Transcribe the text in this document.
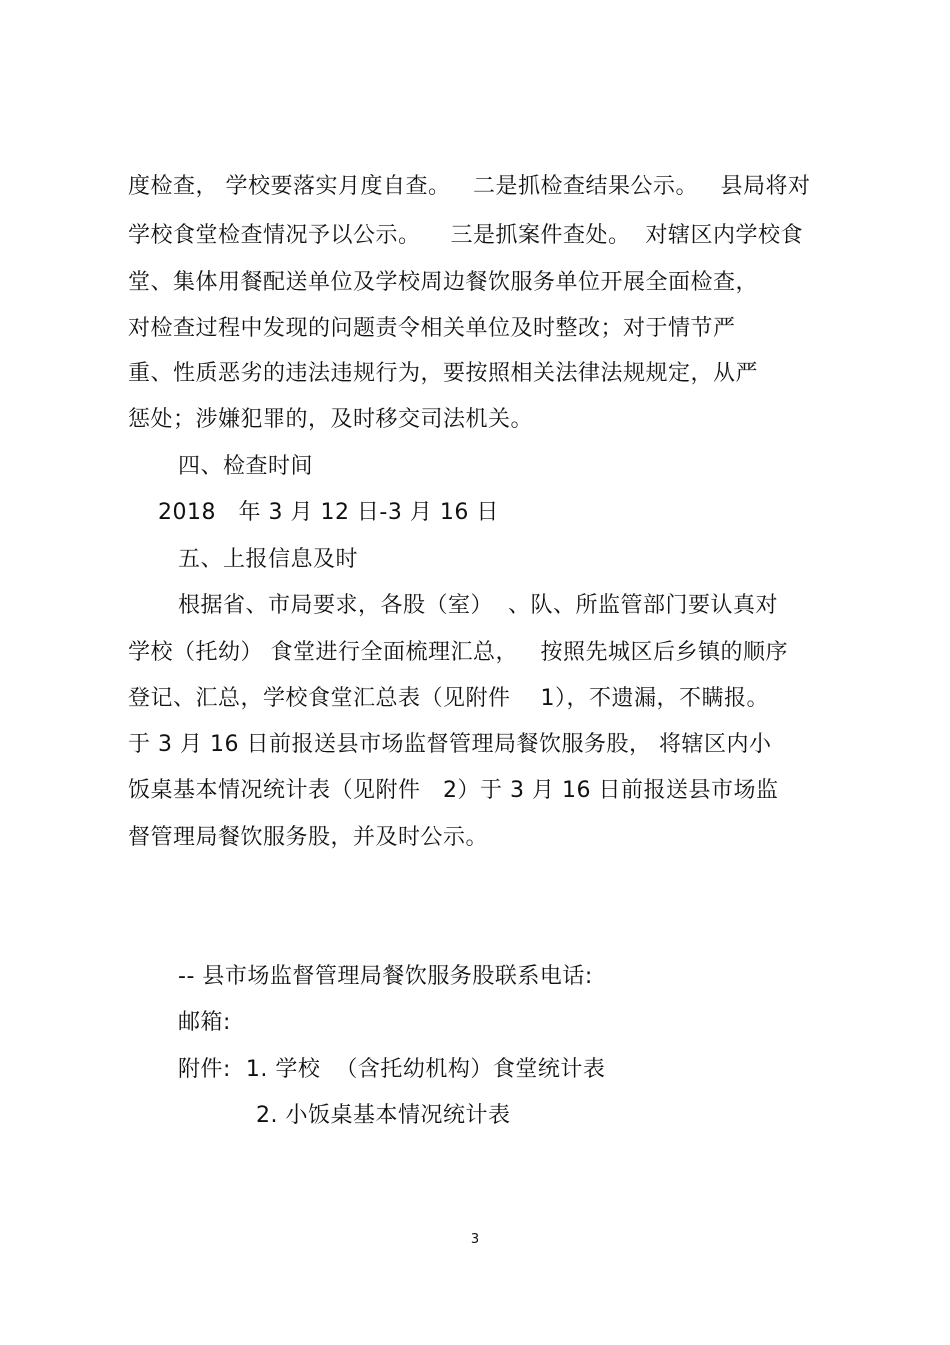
度检查， 学校要落实月度自查。   二是抓检查结果公示。   县局将对
学校食堂检查情况予以公示。    三是抓案件查处。  对辖区内学校食
堂、集体用餐配送单位及学校周边餐饮服务单位开展全面检查，
对检查过程中发现的问题责令相关单位及时整改；对于情节严
重、性质恶劣的违法违规行为，要按照相关法律法规规定，从严
惩处；涉嫌犯罪的，及时移交司法机关。
四、检查时间
2018   年 3 月 12 日-3 月 16 日
五、上报信息及时
根据省、市局要求，各股（室）  、队、所监管部门要认真对
学校（托幼） 食堂进行全面梳理汇总，   按照先城区后乡镇的顺序
登记、汇总，学校食堂汇总表（见附件    1），不遗漏，不瞒报。
于 3 月 16 日前报送县市场监督管理局餐饮服务股， 将辖区内小
饭桌基本情况统计表（见附件   2）于 3 月 16 日前报送县市场监
督管理局餐饮服务股，并及时公示。
-- 县市场监督管理局餐饮服务股联系电话:
邮箱:
附件:  1. 学校  （含托幼机构）食堂统计表
2. 小饭桌基本情况统计表
3
